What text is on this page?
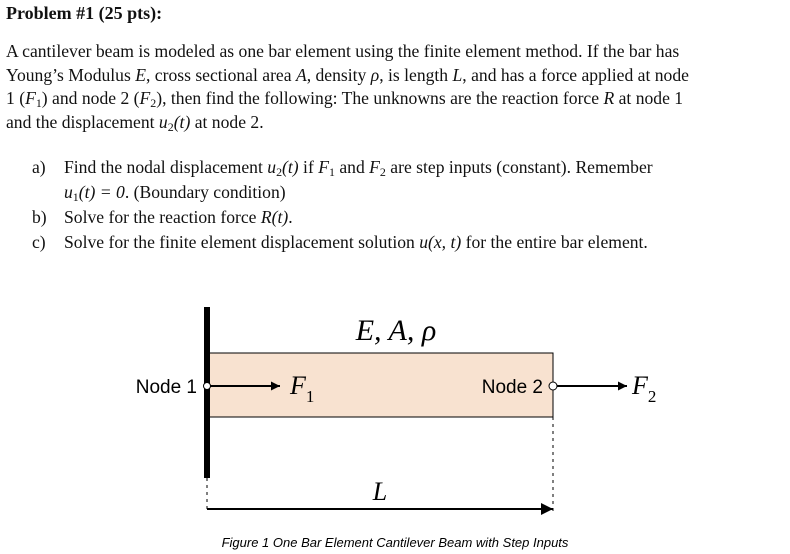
Problem #1 (25 pts):
A cantilever beam is modeled as one bar element using the finite element method. If the bar has
Young’s Modulus E, cross sectional area A, density ρ, is length L, and has a force applied at node
1 $(F_1)$ and node 2 $(F_2)$, then find the following: The unknowns are the reaction force R at node 1
and the displacement $u_2(t)$ at node 2.
a) Find the nodal displacement $u_2(t)$ if $F_1$ and $F_2$ are step inputs (constant). Remember
$u_1(t) = 0$. (Boundary condition)
b) Solve for the reaction force R(t).
c) Solve for the finite element displacement solution u(x, t) for the entire bar element.
E, A, ρ
Node 1	Node 2
$F_1$	$F_2$
L
Figure 1 One Bar Element Cantilever Beam with Step Inputs
